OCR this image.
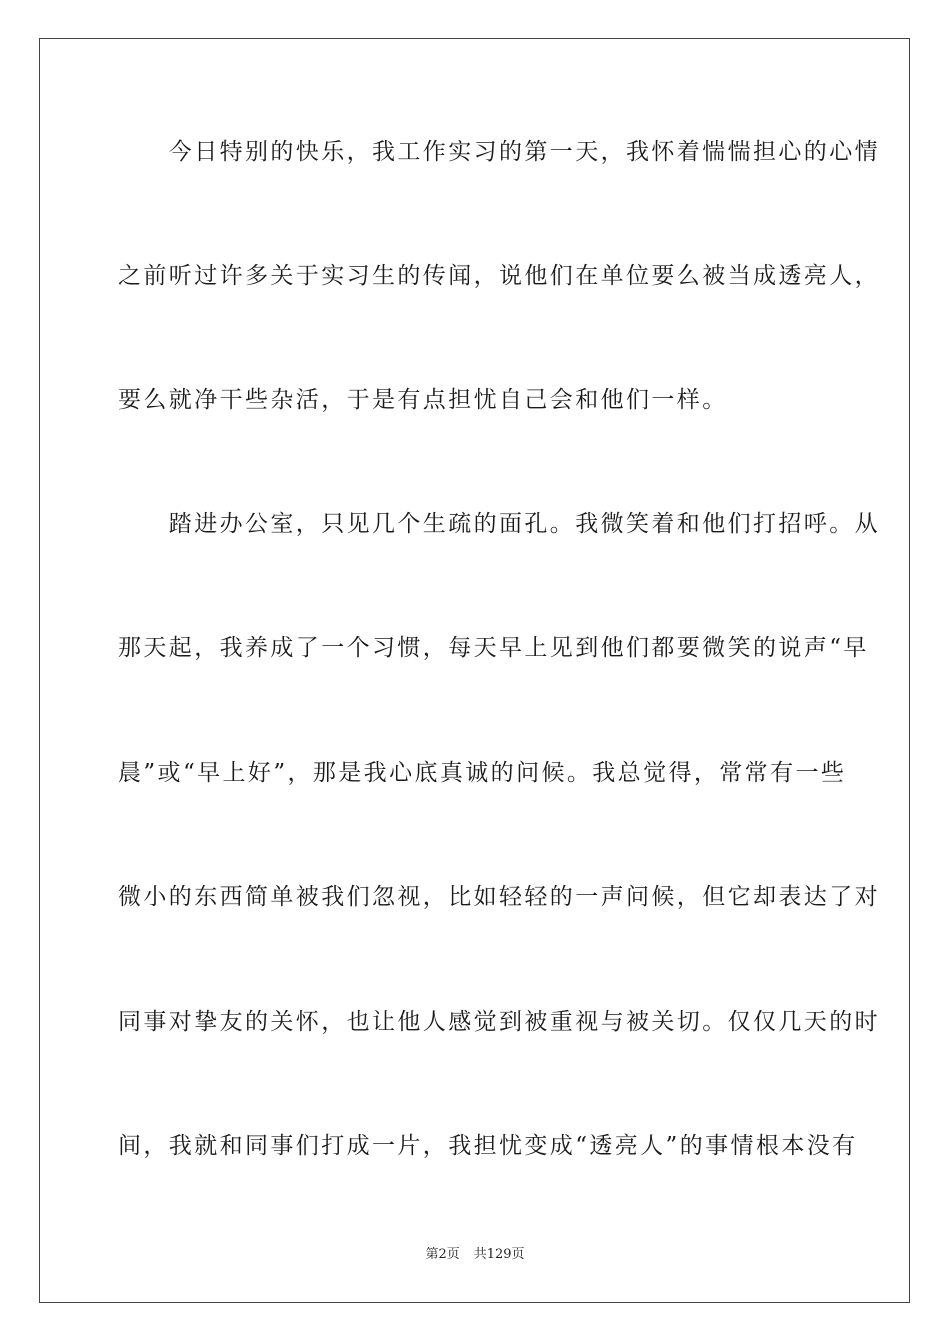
　　今日特别的快乐，我工作实习的第一天，我怀着惴惴担心的心情
之前听过许多关于实习生的传闻，说他们在单位要么被当成透亮人，
要么就净干些杂活，于是有点担忧自己会和他们一样。
　　踏进办公室，只见几个生疏的面孔。我微笑着和他们打招呼。从
那天起，我养成了一个习惯，每天早上见到他们都要微笑的说声“早
晨”或“早上好”，那是我心底真诚的问候。我总觉得，常常有一些
微小的东西简单被我们忽视，比如轻轻的一声问候，但它却表达了对
同事对挚友的关怀，也让他人感觉到被重视与被关切。仅仅几天的时
间，我就和同事们打成一片，我担忧变成“透亮人”的事情根本没有
第2页 共129页
